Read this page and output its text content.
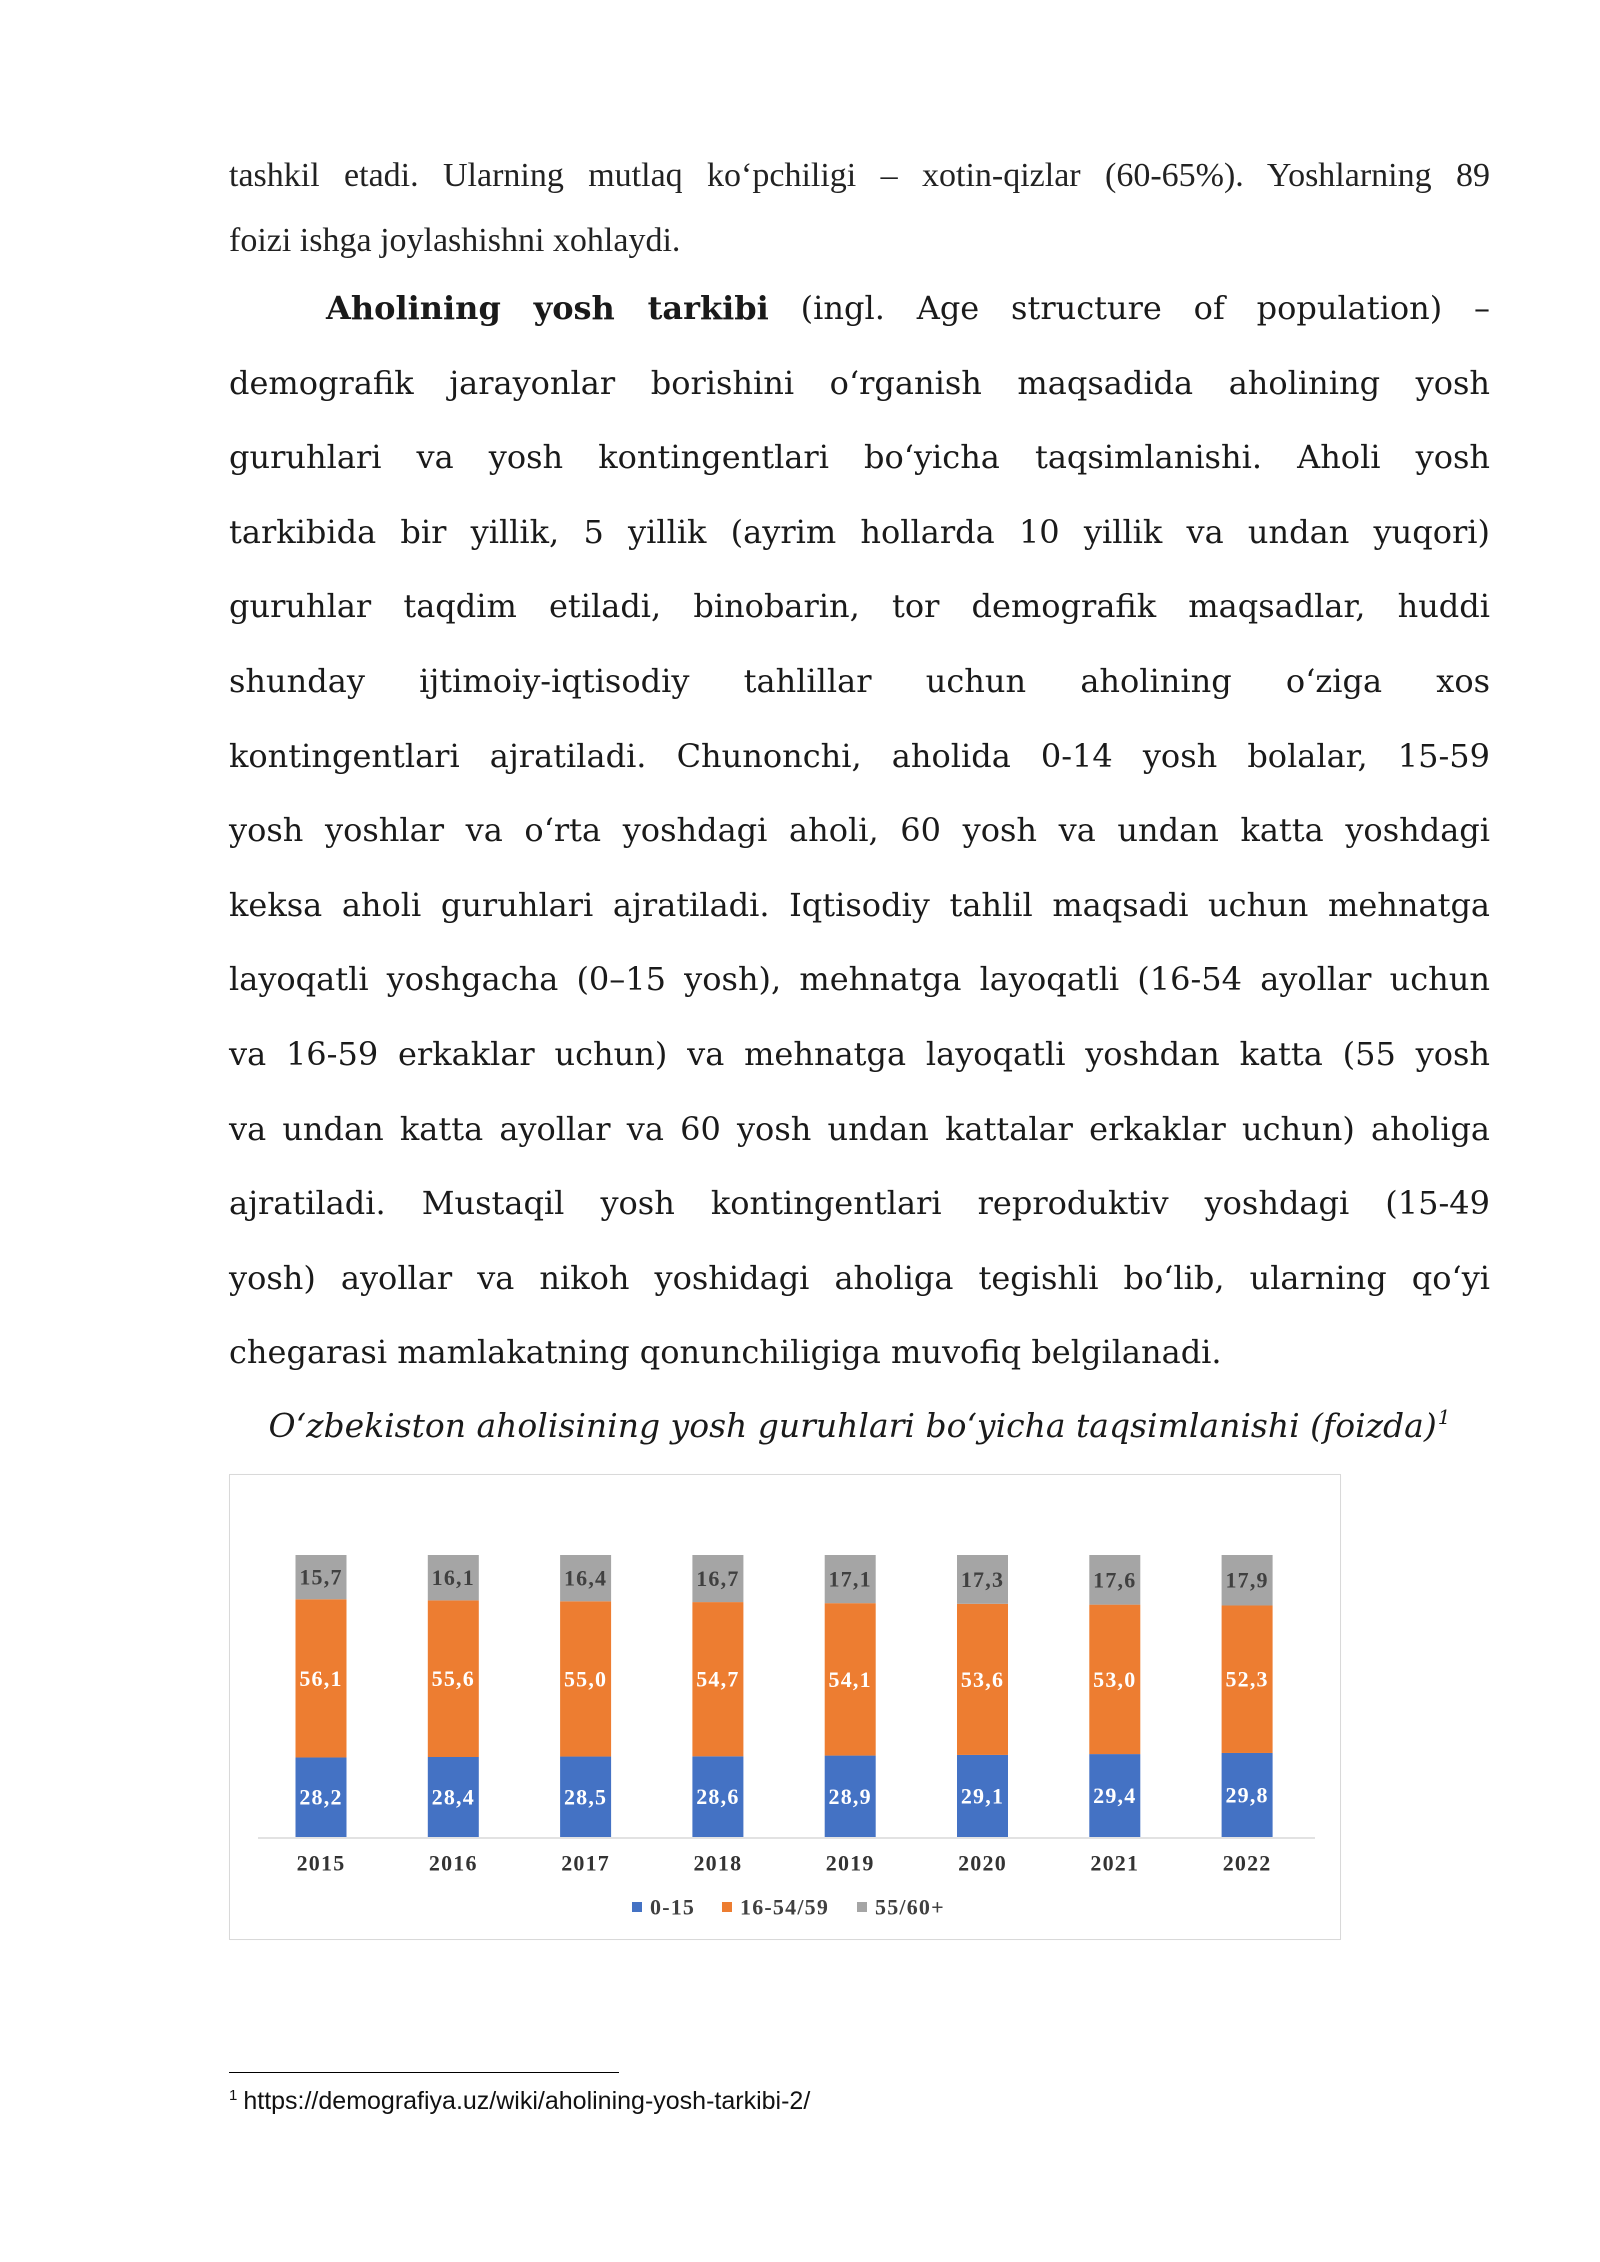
tashkil etadi. Ularning mutlaq ko‘pchiligi – xotin-qizlar (60-65%). Yoshlarning 89
foizi ishga joylashishni xohlaydi.
Aholining yosh tarkibi (ingl. Age structure of population) –
demografik jarayonlar borishini o‘rganish maqsadida aholining yosh
guruhlari va yosh kontingentlari bo‘yicha taqsimlanishi. Aholi yosh
tarkibida bir yillik, 5 yillik (ayrim hollarda 10 yillik va undan yuqori)
guruhlar taqdim etiladi, binobarin, tor demografik maqsadlar, huddi
shunday ijtimoiy-iqtisodiy tahlillar uchun aholining o‘ziga xos
kontingentlari ajratiladi. Chunonchi, aholida 0-14 yosh bolalar, 15-59
yosh yoshlar va o‘rta yoshdagi aholi, 60 yosh va undan katta yoshdagi
keksa aholi guruhlari ajratiladi. Iqtisodiy tahlil maqsadi uchun mehnatga
layoqatli yoshgacha (0–15 yosh), mehnatga layoqatli (16-54 ayollar uchun
va 16-59 erkaklar uchun) va mehnatga layoqatli yoshdan katta (55 yosh
va undan katta ayollar va 60 yosh undan kattalar erkaklar uchun) aholiga
ajratiladi. Mustaqil yosh kontingentlari reproduktiv yoshdagi (15-49
yosh) ayollar va nikoh yoshidagi aholiga tegishli bo‘lib, ularning qo‘yi
chegarasi mamlakatning qonunchiligiga muvofiq belgilanadi.
O‘zbekiston aholisining yosh guruhlari bo‘yicha taqsimlanishi (foizda)$^1$
28,2
56,1
15,7
28,4
55,6
16,1
28,5
55,0
16,4
28,6
54,7
16,7
28,9
54,1
17,1
29,1
53,6
17,3
29,4
53,0
17,6
29,8
52,3
17,9
2015	2016	2017	2018	2019	2020	2021	2022
0-15 16-54/59 55/60+
$^1$ https://demografiya.uz/wiki/aholining-yosh-tarkibi-2/
